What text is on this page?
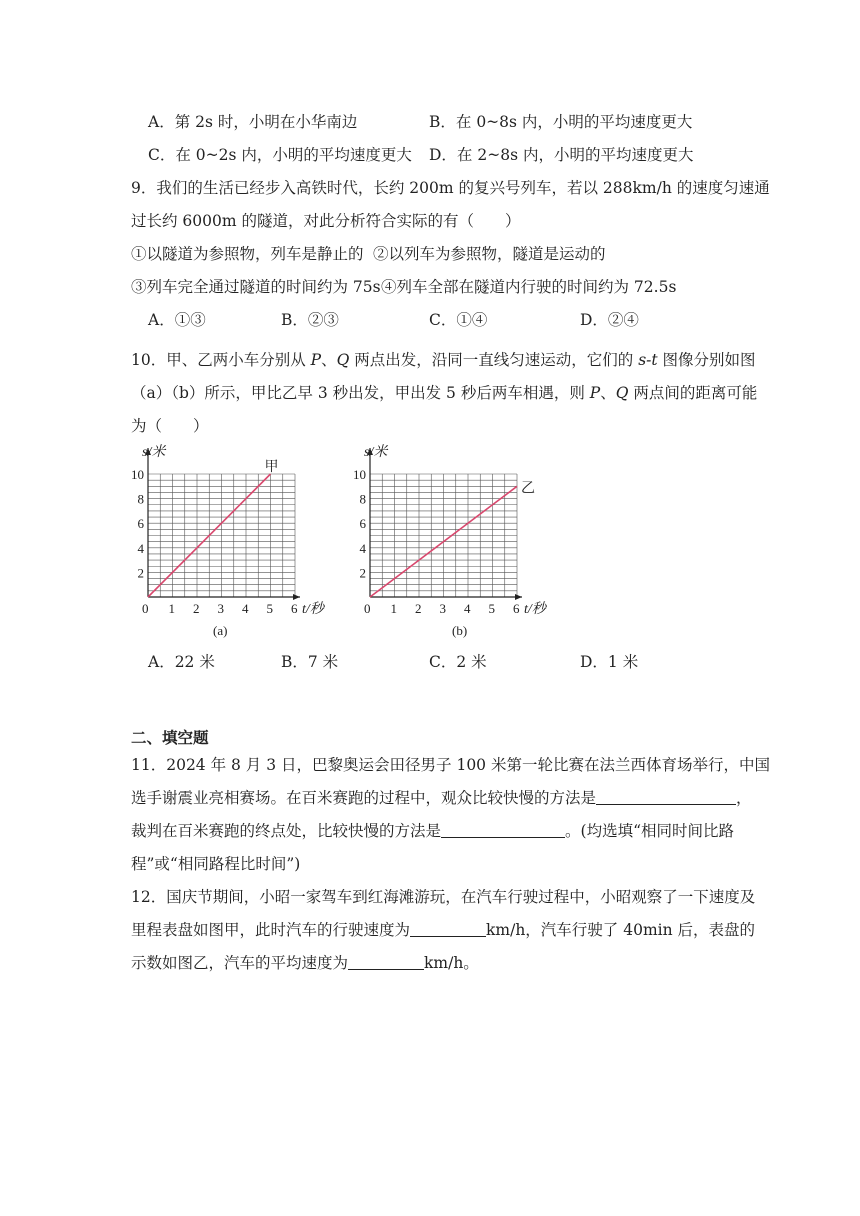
A．第 2s 时，小明在小华南边	B．在 0~8s 内，小明的平均速度更大
C．在 0~2s 内，小明的平均速度更大 D．在 2~8s 内，小明的平均速度更大
9．我们的生活已经步入高铁时代，长约 200m 的复兴号列车，若以 288km/h 的速度匀速通
过长约 6000m 的隧道，对此分析符合实际的有（　　）
①以隧道为参照物，列车是静止的 ②以列车为参照物，隧道是运动的
③列车完全通过隧道的时间约为 75s ④列车全部在隧道内行驶的时间约为 72.5s
A．①③	B．②③	C．①④	D．②④
10．甲、乙两小车分别从 P、Q 两点出发，沿同一直线匀速运动，它们的 s-t 图像分别如图
（a）（b）所示，甲比乙早 3 秒出发，甲出发 5 秒后两车相遇，则 P、Q 两点间的距离可能
为（　　）
0 1 2 3 4 5 6
2
4
6
8
10
s/米
t/秒
甲
(a)
0 1 2 3 4 5 6
2
4
6
8
10
s/米
t/秒
乙
(b)
A．22 米	B．7 米	C．2 米	D．1 米
二、填空题
11．2024 年 8 月 3 日，巴黎奥运会田径男子 100 米第一轮比赛在法兰西体育场举行，中国
选手谢震业亮相赛场。在百米赛跑的过程中，观众比较快慢的方法是	，
裁判在百米赛跑的终点处，比较快慢的方法是	。(均选填“相同时间比路
程”或“相同路程比时间”)
12．国庆节期间，小昭一家驾车到红海滩游玩，在汽车行驶过程中，小昭观察了一下速度及
里程表盘如图甲，此时汽车的行驶速度为	km/h，汽车行驶了 40min 后，表盘的
示数如图乙，汽车的平均速度为	km/h。
